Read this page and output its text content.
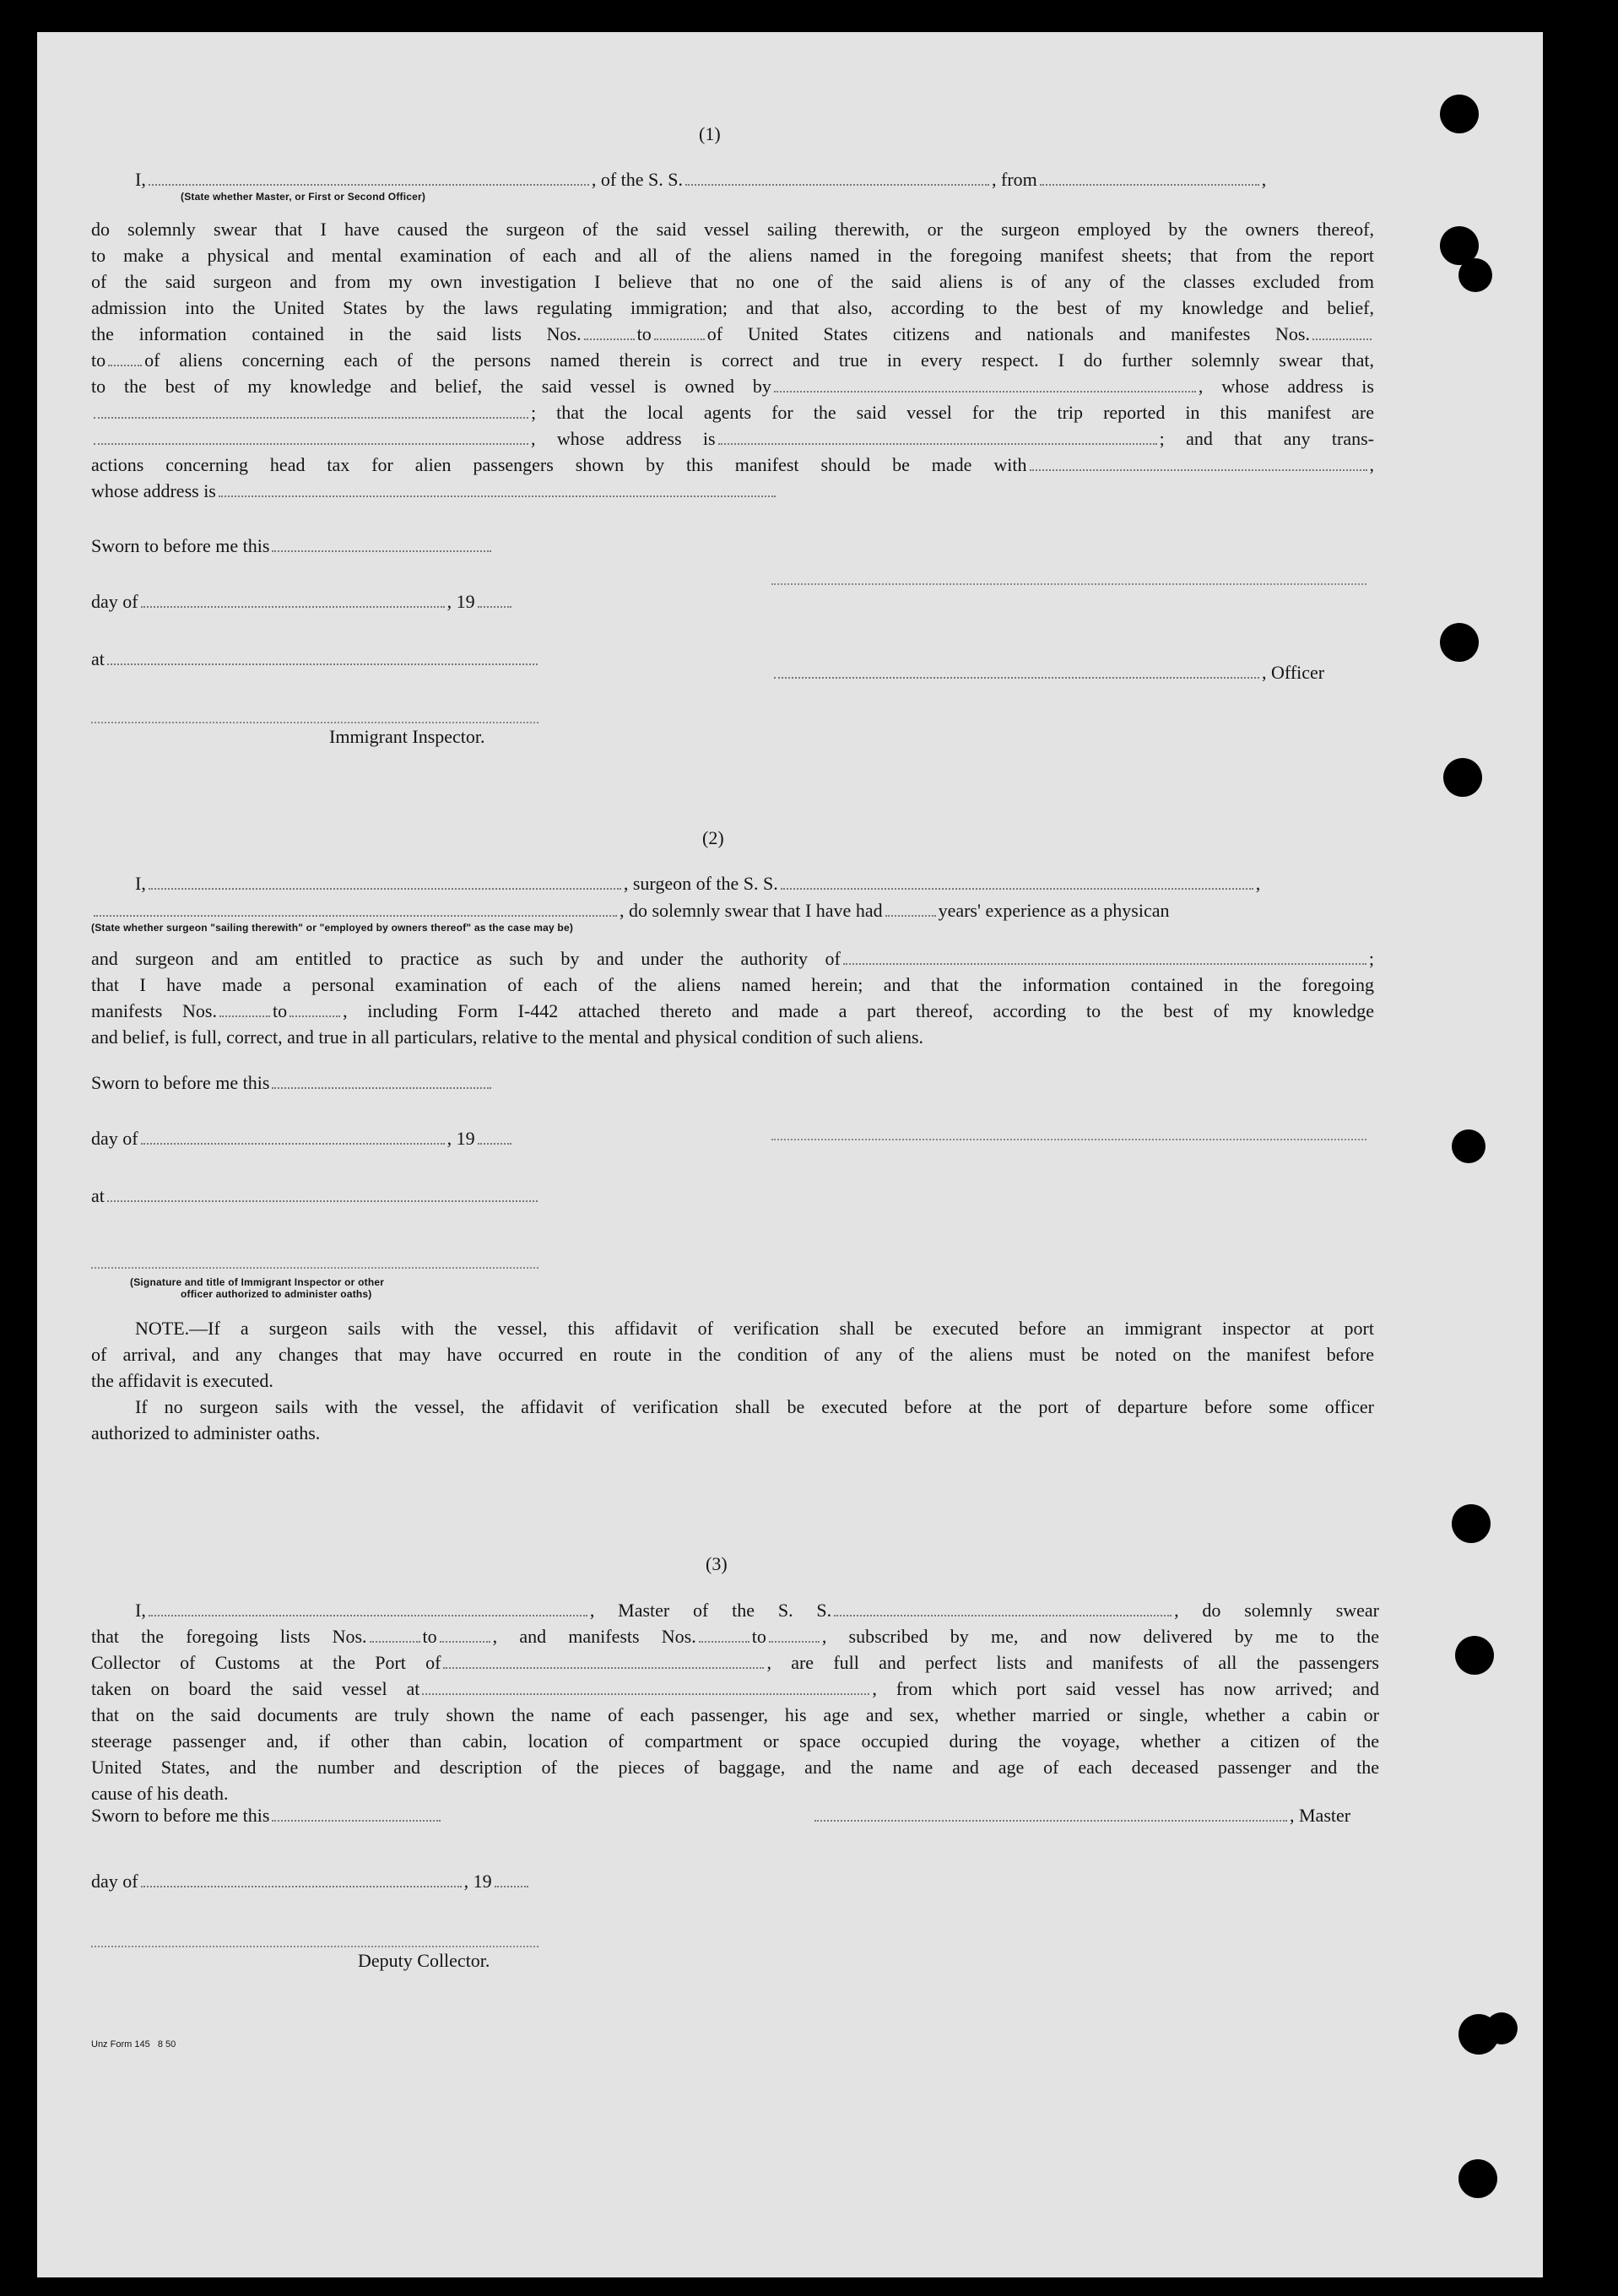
(1)
I,	, of the S. S.	, from	,
(State whether Master, or First or Second Officer)
do solemnly swear that I have caused the surgeon of the said vessel sailing therewith, or the surgeon employed by the owners thereof,
to make a physical and mental examination of each and all of the aliens named in the foregoing manifest sheets; that from the report
of the said surgeon and from my own investigation I believe that no one of the said aliens is of any of the classes excluded from
admission into the United States by the laws regulating immigration; and that also, according to the best of my knowledge and belief,
the information contained in the said lists Nos.	to	of United States citizens and nationals and manifestes Nos.
to of aliens concerning each of the persons named therein is correct and true in every respect. I do further solemnly swear that,
to the best of my knowledge and belief, the said vessel is owned by	, whose address is
; that the local agents for the said vessel for the trip reported in this manifest are
, whose address is	; and that any trans-
actions concerning head tax for alien passengers shown by this manifest should be made with	,
whose address is
Sworn to before me this
day of	, 19
at
, Officer
Immigrant Inspector.
(2)
I,	, surgeon of the S. S.	,
, do solemnly swear that I have had	years' experience as a physican
(State whether surgeon "sailing therewith" or "employed by owners thereof" as the case may be)
and surgeon and am entitled to practice as such by and under the authority of	;
that I have made a personal examination of each of the aliens named herein; and that the information contained in the foregoing
manifests Nos.	to	, including Form I-442 attached thereto and made a part thereof, according to the best of my knowledge
and belief, is full, correct, and true in all particulars, relative to the mental and physical condition of such aliens.
Sworn to before me this
day of	, 19
at
(Signature and title of Immigrant Inspector or other
officer authorized to administer oaths)
NOTE.—If a surgeon sails with the vessel, this affidavit of verification shall be executed before an immigrant inspector at port
of arrival, and any changes that may have occurred en route in the condition of any of the aliens must be noted on the manifest before
the affidavit is executed.
If no surgeon sails with the vessel, the affidavit of verification shall be executed before at the port of departure before some officer
authorized to administer oaths.
(3)
I,	, Master of the S. S.	, do solemnly swear
that the foregoing lists Nos.	to	, and manifests Nos.	to	, subscribed by me, and now delivered by me to the
Collector of Customs at the Port of	, are full and perfect lists and manifests of all the passengers
taken on board the said vessel at	, from which port said vessel has now arrived; and
that on the said documents are truly shown the name of each passenger, his age and sex, whether married or single, whether a cabin or
steerage passenger and, if other than cabin, location of compartment or space occupied during the voyage, whether a citizen of the
United States, and the number and description of the pieces of baggage, and the name and age of each deceased passenger and the
cause of his death.
Sworn to before me this	, Master
day of	, 19
Deputy Collector.
Unz Form 145 8 50
